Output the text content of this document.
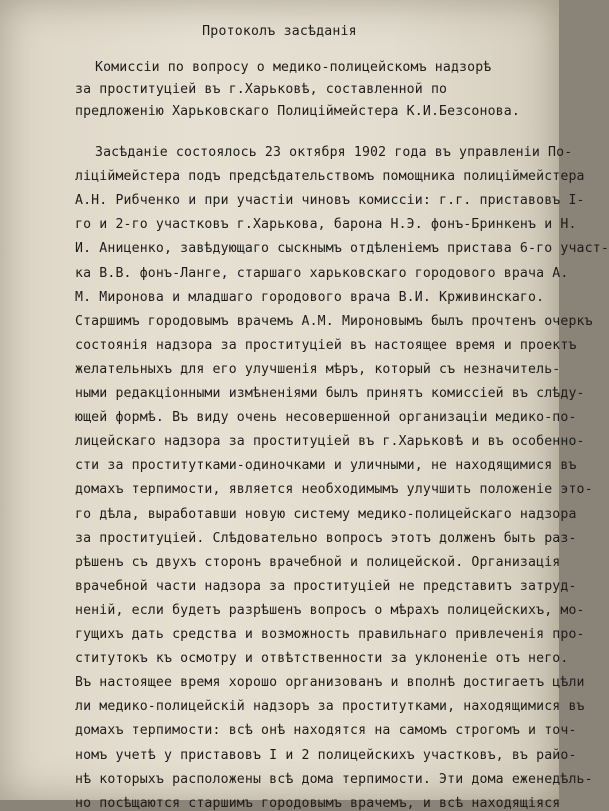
Протоколъ засѣданія
Комиссіи по вопросу о медико-полицейскомъ надзорѣ
за проституціей въ г.Харьковѣ, составленной по
предложенію Харьковскаго Полиціймейстера К.И.Безсонова.
Засѣданіе состоялось 23 октября 1902 года въ управленіи По-
ліціймейстера подъ предсѣдательствомъ помощника полиціймейстера
А.Н. Рибченко и при участіи чиновъ комиссіи: г.г. приставовъ І-
го и 2-го участковъ г.Харькова, барона Н.Э. фонъ-Бринкенъ и Н.
И. Аниценко, завѣдующаго сыскнымъ отдѣленіемъ пристава 6-го участ-
ка В.В. фонъ-Ланге, старшаго харьковскаго городового врача А.
М. Миронова и младшаго городового врача В.И. Крживинскаго.
Старшимъ городовымъ врачемъ А.М. Мироновымъ былъ прочтенъ очеркъ
состоянія надзора за проституціей въ настоящее время и проектъ
желательныхъ для его улучшенія мѣръ, который съ незначитель-
ными редакціонными измѣненіями былъ принятъ комиссіей въ слѣду-
ющей формѣ. Въ виду очень несовершенной организаціи медико-по-
лицейскаго надзора за проституціей въ г.Харьковѣ и въ особенно-
сти за проститутками-одиночками и уличными, не находящимися въ
домахъ терпимости, является необходимымъ улучшить положеніе это-
го дѣла, выработавши новую систему медико-полицейскаго надзора
за проституціей. Слѣдовательно вопросъ этотъ долженъ быть раз-
рѣшенъ съ двухъ сторонъ врачебной и полицейской. Организація
врачебной части надзора за проституціей не представитъ затруд-
неній, если будетъ разрѣшенъ вопросъ о мѣрахъ полицейскихъ, мо-
гущихъ дать средства и возможность правильнаго привлеченія про-
ститутокъ къ осмотру и отвѣтственности за уклоненіе отъ него.
Въ настоящее время хорошо организованъ и вполнѣ достигаетъ цѣли
ли медико-полицейскій надзоръ за проститутками, находящимися въ
домахъ терпимости: всѣ онѣ находятся на самомъ строгомъ и точ-
номъ учетѣ у приставовъ І и 2 полицейскихъ участковъ, въ райо-
нѣ которыхъ расположены всѣ дома терпимости. Эти дома еженедѣль-
но посѣщаются старшимъ городовымъ врачемъ, и всѣ находящіяся
